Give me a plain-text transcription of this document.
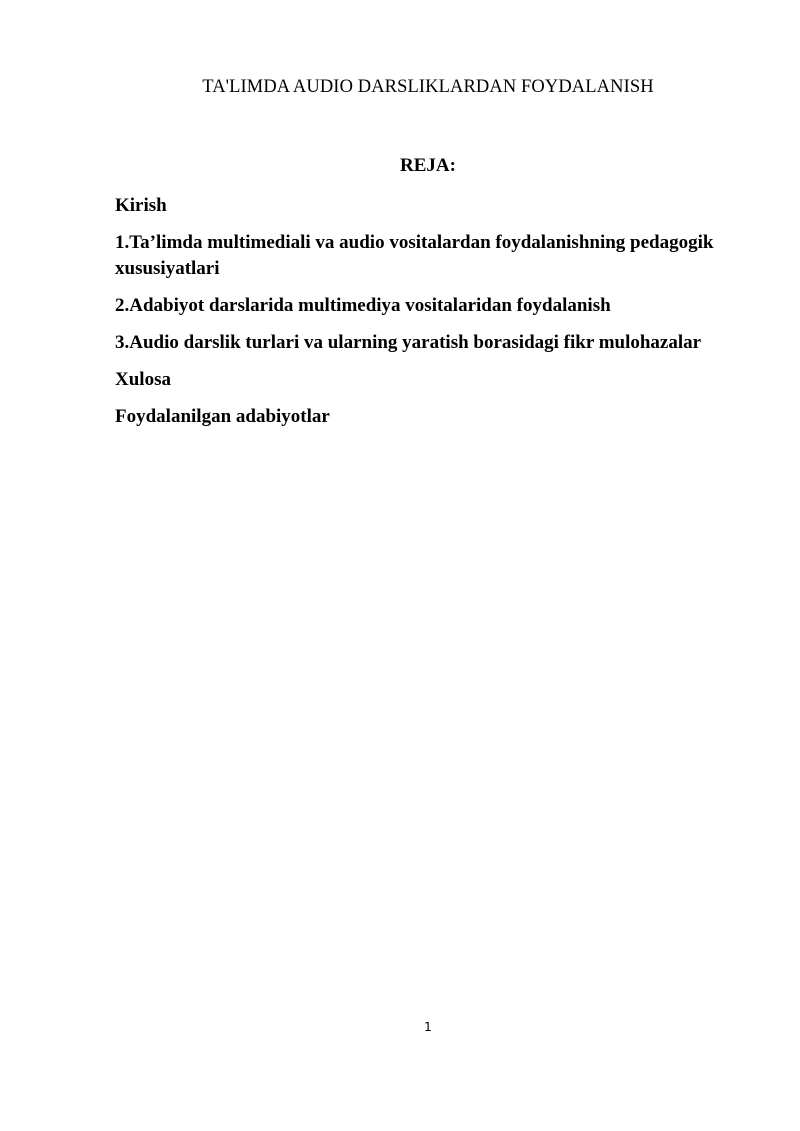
TA'LIMDA AUDIO DARSLIKLARDAN FOYDALANISH
REJA:
Kirish
1.Ta’limda multimediali va audio vositalardan foydalanishning pedagogik xususiyatlari
2.Adabiyot darslarida multimediya vositalaridan foydalanish
3.Audio darslik turlari va ularning yaratish borasidagi fikr mulohazalar
Xulosa
Foydalanilgan adabiyotlar
1
